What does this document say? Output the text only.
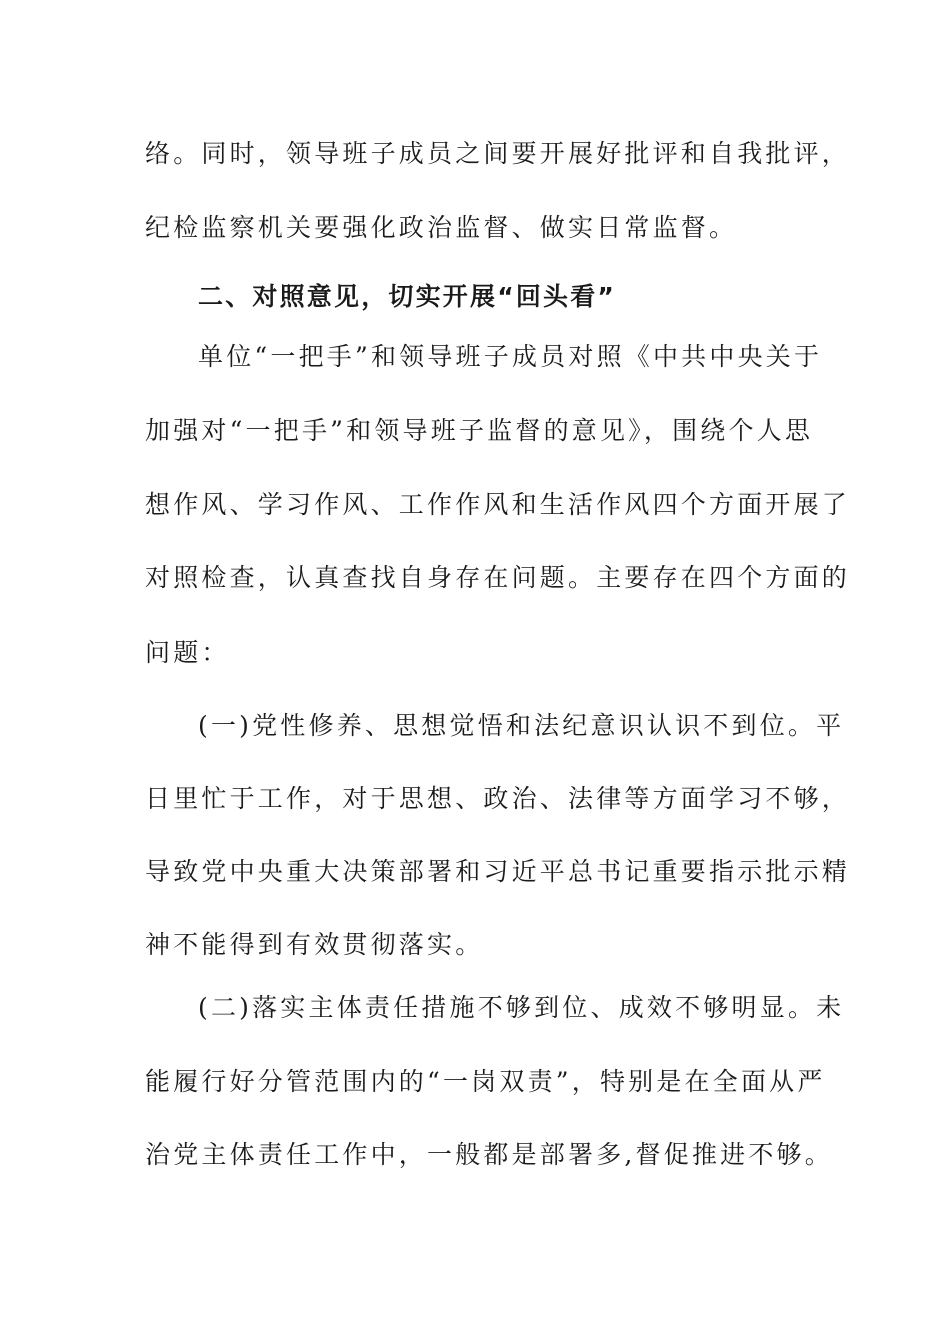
络。同时，领导班子成员之间要开展好批评和自我批评，
纪检监察机关要强化政治监督、做实日常监督。
二、对照意见，切实开展“回头看”
单位“一把手”和领导班子成员对照《中共中央关于
加强对“一把手”和领导班子监督的意见》，围绕个人思
想作风、学习作风、工作作风和生活作风四个方面开展了
对照检查，认真查找自身存在问题。主要存在四个方面的
问题：
(一)党性修养、思想觉悟和法纪意识认识不到位。平
日里忙于工作，对于思想、政治、法律等方面学习不够，
导致党中央重大决策部署和习近平总书记重要指示批示精
神不能得到有效贯彻落实。
(二)落实主体责任措施不够到位、成效不够明显。未
能履行好分管范围内的“一岗双责”，特别是在全面从严
治党主体责任工作中，一般都是部署多,督促推进不够。
